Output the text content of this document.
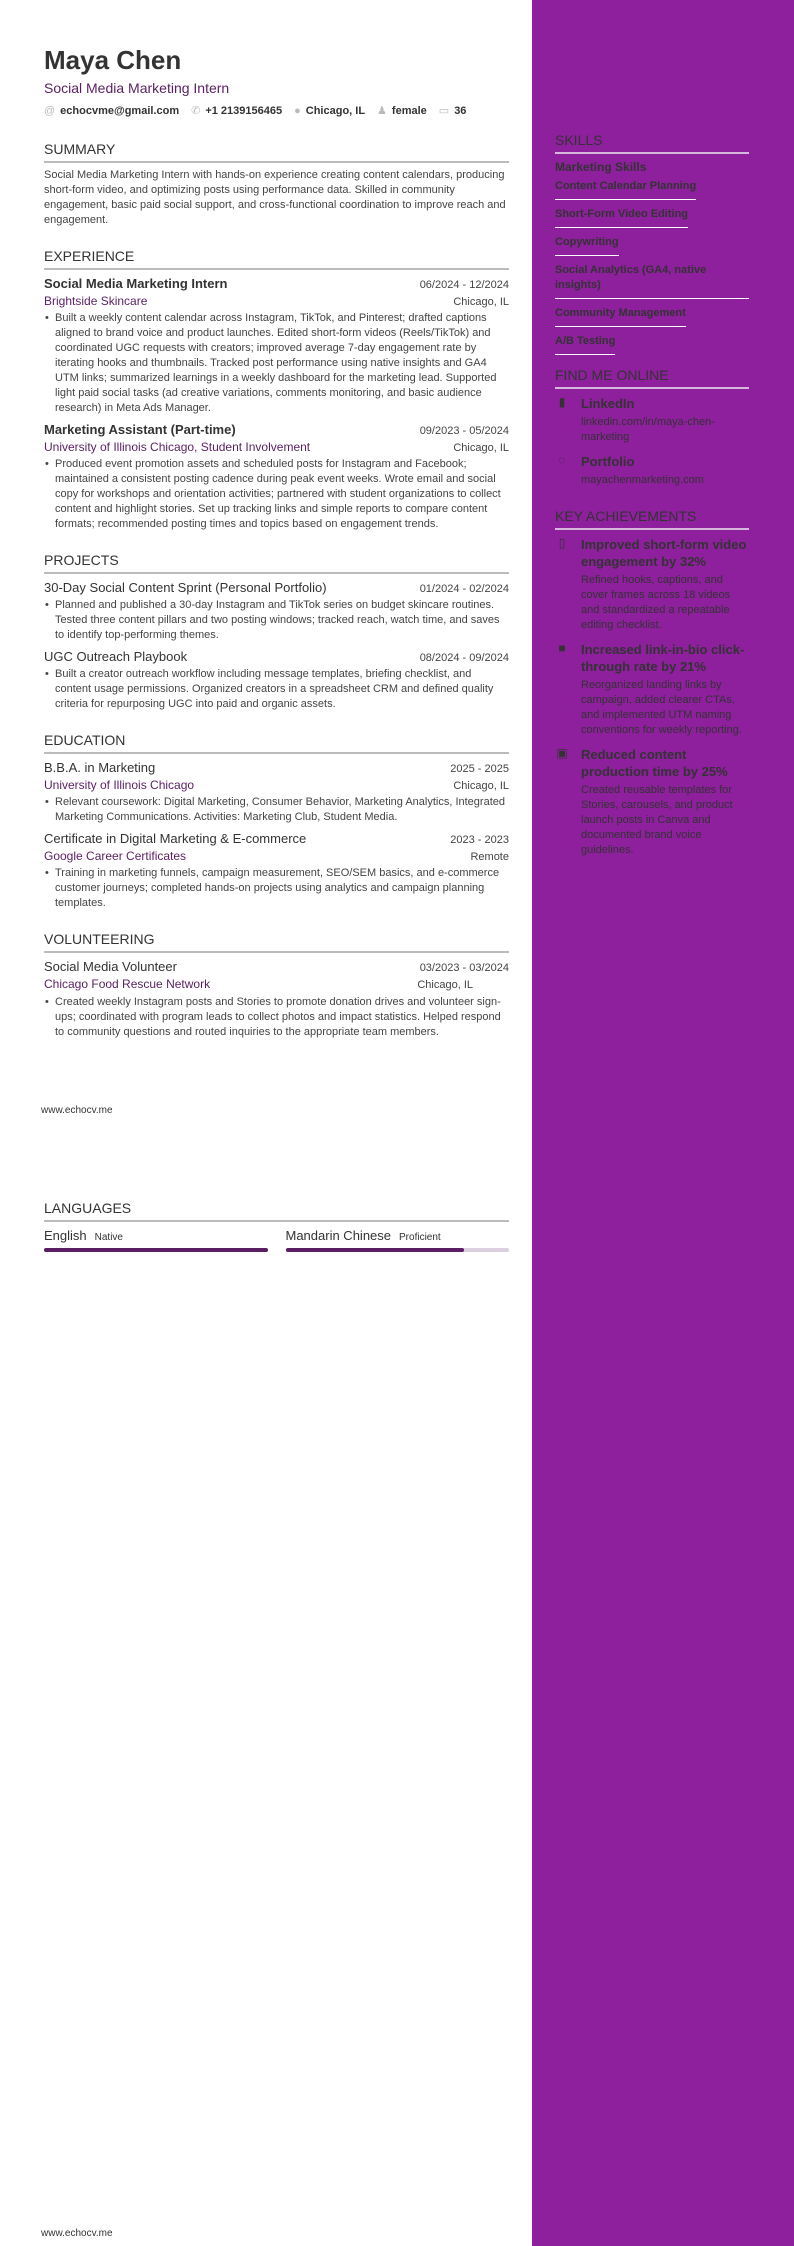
Maya Chen
Social Media Marketing Intern
@ echocvme@gmail.com ✆ +1 2139156465 ● Chicago, IL ♟ female ▭ 36
SUMMARY
Social Media Marketing Intern with hands-on experience creating content calendars, producing short-form video, and optimizing posts using performance data. Skilled in community engagement, basic paid social support, and cross-functional coordination to improve reach and engagement.
EXPERIENCE
Social Media Marketing Intern	06/2024 - 12/2024
Brightside Skincare	Chicago, IL
• Built a weekly content calendar across Instagram, TikTok, and Pinterest; drafted captions aligned to brand voice and product launches. Edited short-form videos (Reels/TikTok) and coordinated UGC requests with creators; improved average 7-day engagement rate by iterating hooks and thumbnails. Tracked post performance using native insights and GA4 UTM links; summarized learnings in a weekly dashboard for the marketing lead. Supported light paid social tasks (ad creative variations, comments monitoring, and basic audience research) in Meta Ads Manager.
Marketing Assistant (Part-time)	09/2023 - 05/2024
University of Illinois Chicago, Student Involvement	Chicago, IL
• Produced event promotion assets and scheduled posts for Instagram and Facebook; maintained a consistent posting cadence during peak event weeks. Wrote email and social copy for workshops and orientation activities; partnered with student organizations to collect content and highlight stories. Set up tracking links and simple reports to compare content formats; recommended posting times and topics based on engagement trends.
PROJECTS
30-Day Social Content Sprint (Personal Portfolio)	01/2024 - 02/2024
• Planned and published a 30-day Instagram and TikTok series on budget skincare routines. Tested three content pillars and two posting windows; tracked reach, watch time, and saves to identify top-performing themes.
UGC Outreach Playbook	08/2024 - 09/2024
• Built a creator outreach workflow including message templates, briefing checklist, and content usage permissions. Organized creators in a spreadsheet CRM and defined quality criteria for repurposing UGC into paid and organic assets.
EDUCATION
B.B.A. in Marketing	2025 - 2025
University of Illinois Chicago	Chicago, IL
• Relevant coursework: Digital Marketing, Consumer Behavior, Marketing Analytics, Integrated Marketing Communications. Activities: Marketing Club, Student Media.
Certificate in Digital Marketing & E-commerce	2023 - 2023
Google Career Certificates	Remote
• Training in marketing funnels, campaign measurement, SEO/SEM basics, and e-commerce customer journeys; completed hands-on projects using analytics and campaign planning templates.
VOLUNTEERING
Social Media Volunteer	03/2023 - 03/2024
Chicago Food Rescue Network	Chicago, IL
• Created weekly Instagram posts and Stories to promote donation drives and volunteer sign-ups; coordinated with program leads to collect photos and impact statistics. Helped respond to community questions and routed inquiries to the appropriate team members.
www.echocv.me
LANGUAGES
English Native	Mandarin Chinese Proficient
www.echocv.me
SKILLS
Marketing Skills
Content Calendar Planning
Short-Form Video Editing
Copywriting
Social Analytics (GA4, native insights)
Community Management
A/B Testing
FIND ME ONLINE
▮ LinkedIn
linkedin.com/in/maya-chen-marketing
◌ Portfolio
mayachenmarketing.com
KEY ACHIEVEMENTS
▯ Improved short-form video engagement by 32%
Refined hooks, captions, and cover frames across 18 videos and standardized a repeatable editing checklist.
■ Increased link-in-bio click-through rate by 21%
Reorganized landing links by campaign, added clearer CTAs, and implemented UTM naming conventions for weekly reporting.
▣ Reduced content production time by 25%
Created reusable templates for Stories, carousels, and product launch posts in Canva and documented brand voice guidelines.
